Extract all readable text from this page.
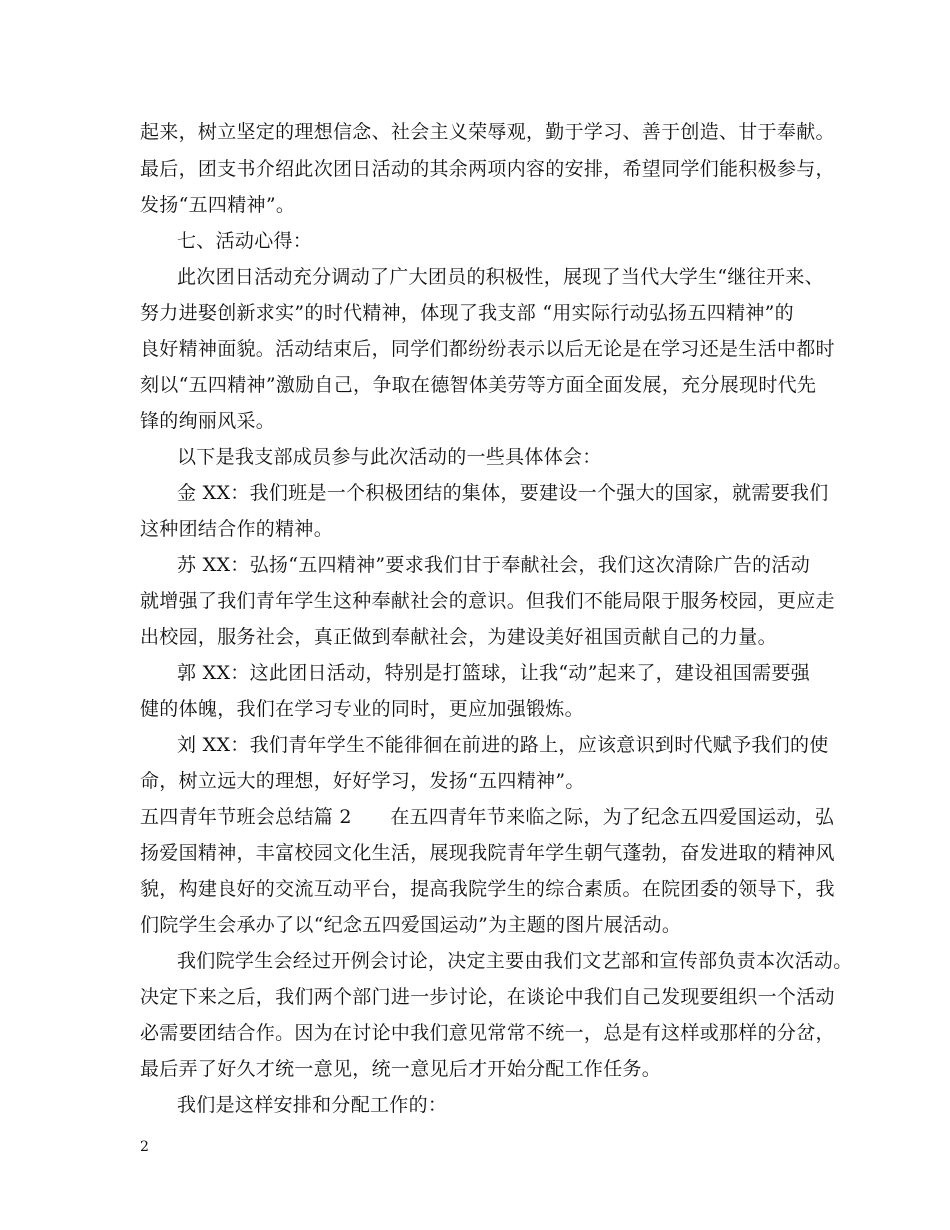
起来，树立坚定的理想信念、社会主义荣辱观，勤于学习、善于创造、甘于奉献。
最后，团支书介绍此次团日活动的其余两项内容的安排，希望同学们能积极参与，
发扬“五四精神”。
七、活动心得：
此次团日活动充分调动了广大团员的积极性，展现了当代大学生“继往开来、
努力进娶创新求实”的时代精神，体现了我支部 “用实际行动弘扬五四精神”的
良好精神面貌。活动结束后，同学们都纷纷表示以后无论是在学习还是生活中都时
刻以“五四精神”激励自己，争取在德智体美劳等方面全面发展，充分展现时代先
锋的绚丽风采。
以下是我支部成员参与此次活动的一些具体体会：
金 XX：我们班是一个积极团结的集体，要建设一个强大的国家，就需要我们
这种团结合作的精神。
苏 XX：弘扬“五四精神”要求我们甘于奉献社会，我们这次清除广告的活动
就增强了我们青年学生这种奉献社会的意识。但我们不能局限于服务校园，更应走
出校园，服务社会，真正做到奉献社会，为建设美好祖国贡献自己的力量。
郭 XX：这此团日活动，特别是打篮球，让我“动”起来了，建设祖国需要强
健的体魄，我们在学习专业的同时，更应加强锻炼。
刘 XX：我们青年学生不能徘徊在前进的路上，应该意识到时代赋予我们的使
命，树立远大的理想，好好学习，发扬“五四精神”。
五四青年节班会总结篇 2　　在五四青年节来临之际，为了纪念五四爱国运动，弘
扬爱国精神，丰富校园文化生活，展现我院青年学生朝气蓬勃，奋发进取的精神风
貌，构建良好的交流互动平台，提高我院学生的综合素质。在院团委的领导下，我
们院学生会承办了以“纪念五四爱国运动”为主题的图片展活动。
我们院学生会经过开例会讨论，决定主要由我们文艺部和宣传部负责本次活动。
决定下来之后，我们两个部门进一步讨论，在谈论中我们自己发现要组织一个活动
必需要团结合作。因为在讨论中我们意见常常不统一，总是有这样或那样的分岔，
最后弄了好久才统一意见，统一意见后才开始分配工作任务。
我们是这样安排和分配工作的：
2
